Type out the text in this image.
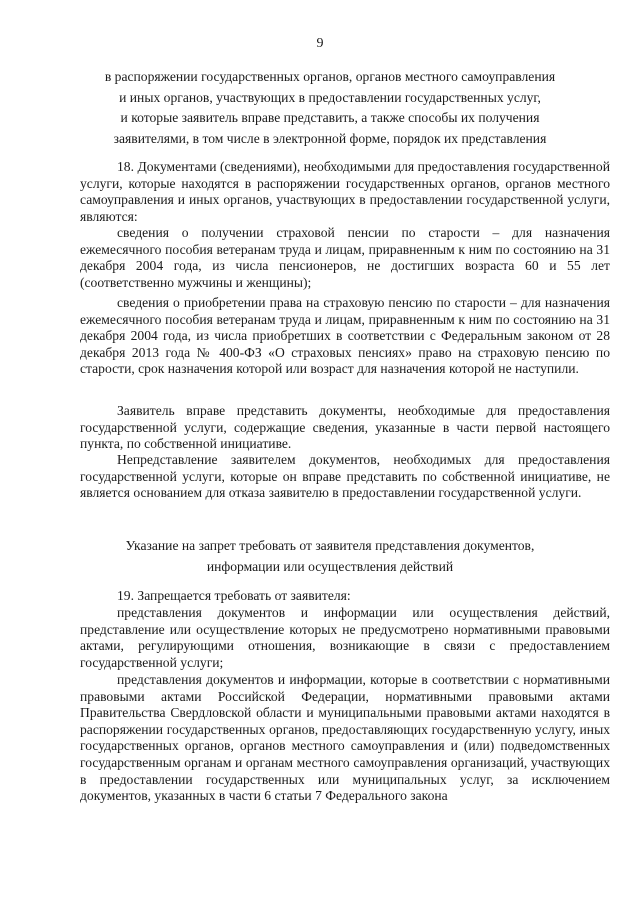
9
в распоряжении государственных органов, органов местного самоуправления
и иных органов, участвующих в предоставлении государственных услуг,
и которые заявитель вправе представить, а также способы их получения
заявителями, в том числе в электронной форме, порядок их представления

18. Документами (сведениями), необходимыми для предоставления государственной услуги, которые находятся в распоряжении государственных органов, органов местного самоуправления и иных органов, участвующих в предоставлении государственной услуги, являются:

сведения о получении страховой пенсии по старости – для назначения ежемесячного пособия ветеранам труда и лицам, приравненным к ним по состоянию на 31 декабря 2004 года, из числа пенсионеров, не достигших возраста 60 и 55 лет (соответственно мужчины и женщины);

сведения о приобретении права на страховую пенсию по старости – для назначения ежемесячного пособия ветеранам труда и лицам, приравненным к ним по состоянию на 31 декабря 2004 года, из числа приобретших в соответствии с Федеральным законом от 28 декабря 2013 года № 400-ФЗ «О страховых пенсиях» право на страховую пенсию по старости, срок назначения которой или возраст для назначения которой не наступили.

Заявитель вправе представить документы, необходимые для предоставления государственной услуги, содержащие сведения, указанные в части первой настоящего пункта, по собственной инициативе.

Непредставление заявителем документов, необходимых для предоставления государственной услуги, которые он вправе представить по собственной инициативе, не является основанием для отказа заявителю в предоставлении государственной услуги.

Указание на запрет требовать от заявителя представления документов,
информации или осуществления действий

19. Запрещается требовать от заявителя:

представления документов и информации или осуществления действий, представление или осуществление которых не предусмотрено нормативными правовыми актами, регулирующими отношения, возникающие в связи с предоставлением государственной услуги;

представления документов и информации, которые в соответствии с нормативными правовыми актами Российской Федерации, нормативными правовыми актами Правительства Свердловской области и муниципальными правовыми актами находятся в распоряжении государственных органов, предоставляющих государственную услугу, иных государственных органов, органов местного самоуправления и (или) подведомственных государственным органам и органам местного самоуправления организаций, участвующих в предоставлении государственных или муниципальных услуг, за исключением документов, указанных в части 6 статьи 7 Федерального закона
